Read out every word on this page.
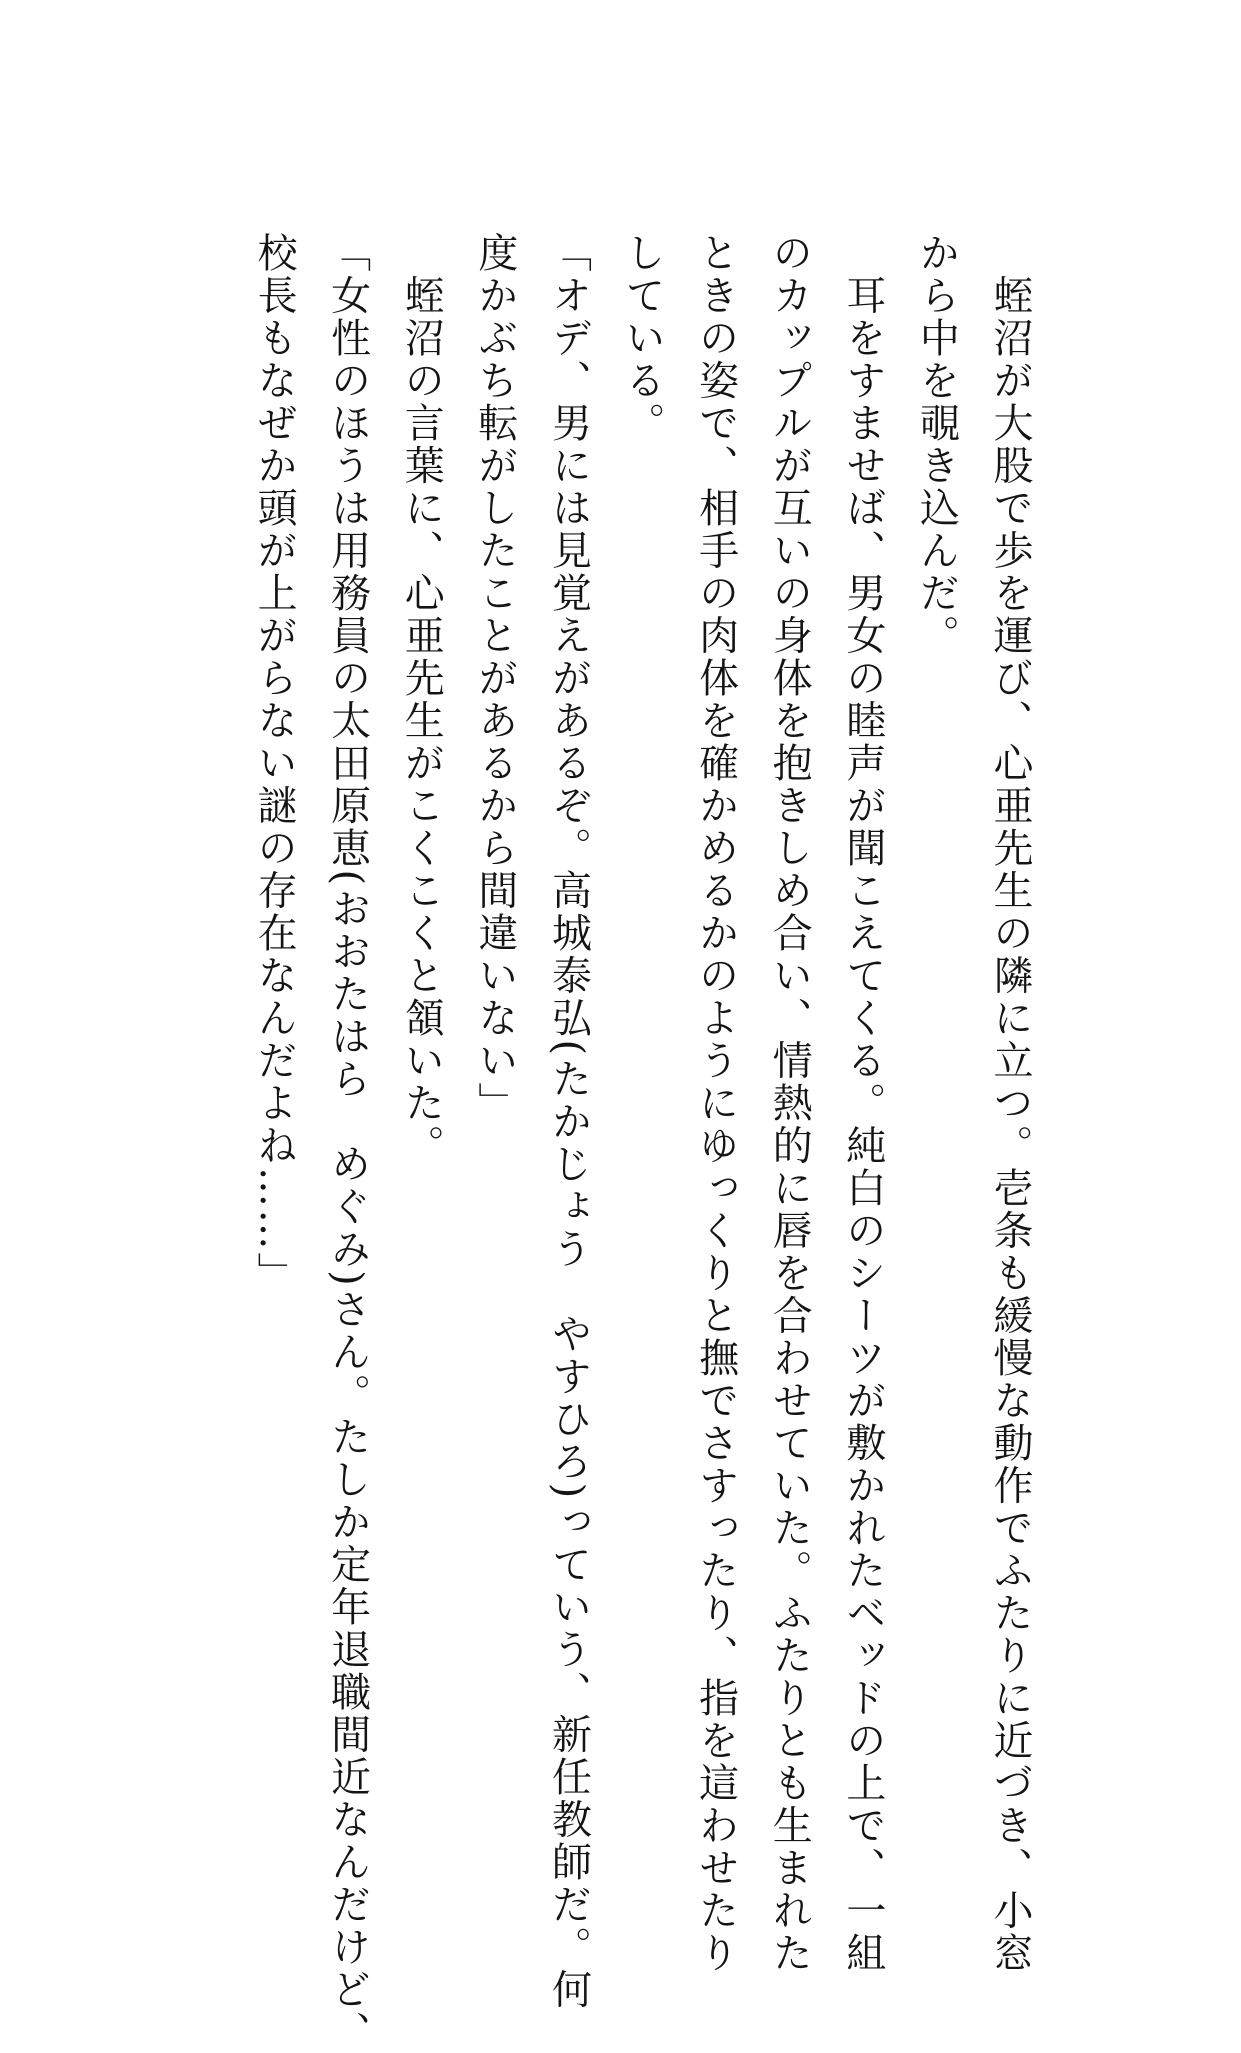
　蛭沼が大股で歩を運び、心亜先生の隣に立つ。壱条も緩慢な動作でふたりに近づき、小窓
から中を覗き込んだ。
　耳をすませば、男女の睦声が聞こえてくる。純白のシーツが敷かれたベッドの上で、一組
のカップルが互いの身体を抱きしめ合い、情熱的に唇を合わせていた。ふたりとも生まれた
ときの姿で、相手の肉体を確かめるかのようにゆっくりと撫でさすったり、指を這わせたり
している。
「オデ、男には見覚えがあるぞ。高城泰弘(たかじょう　やすひろ)っていう、新任教師だ。何
度かぶち転がしたことがあるから間違いない」
　蛭沼の言葉に、心亜先生がこくこくと頷いた。
「女性のほうは用務員の太田原恵(おおたはら　めぐみ)さん。たしか定年退職間近なんだけど、
校長もなぜか頭が上がらない謎の存在なんだよね……」
